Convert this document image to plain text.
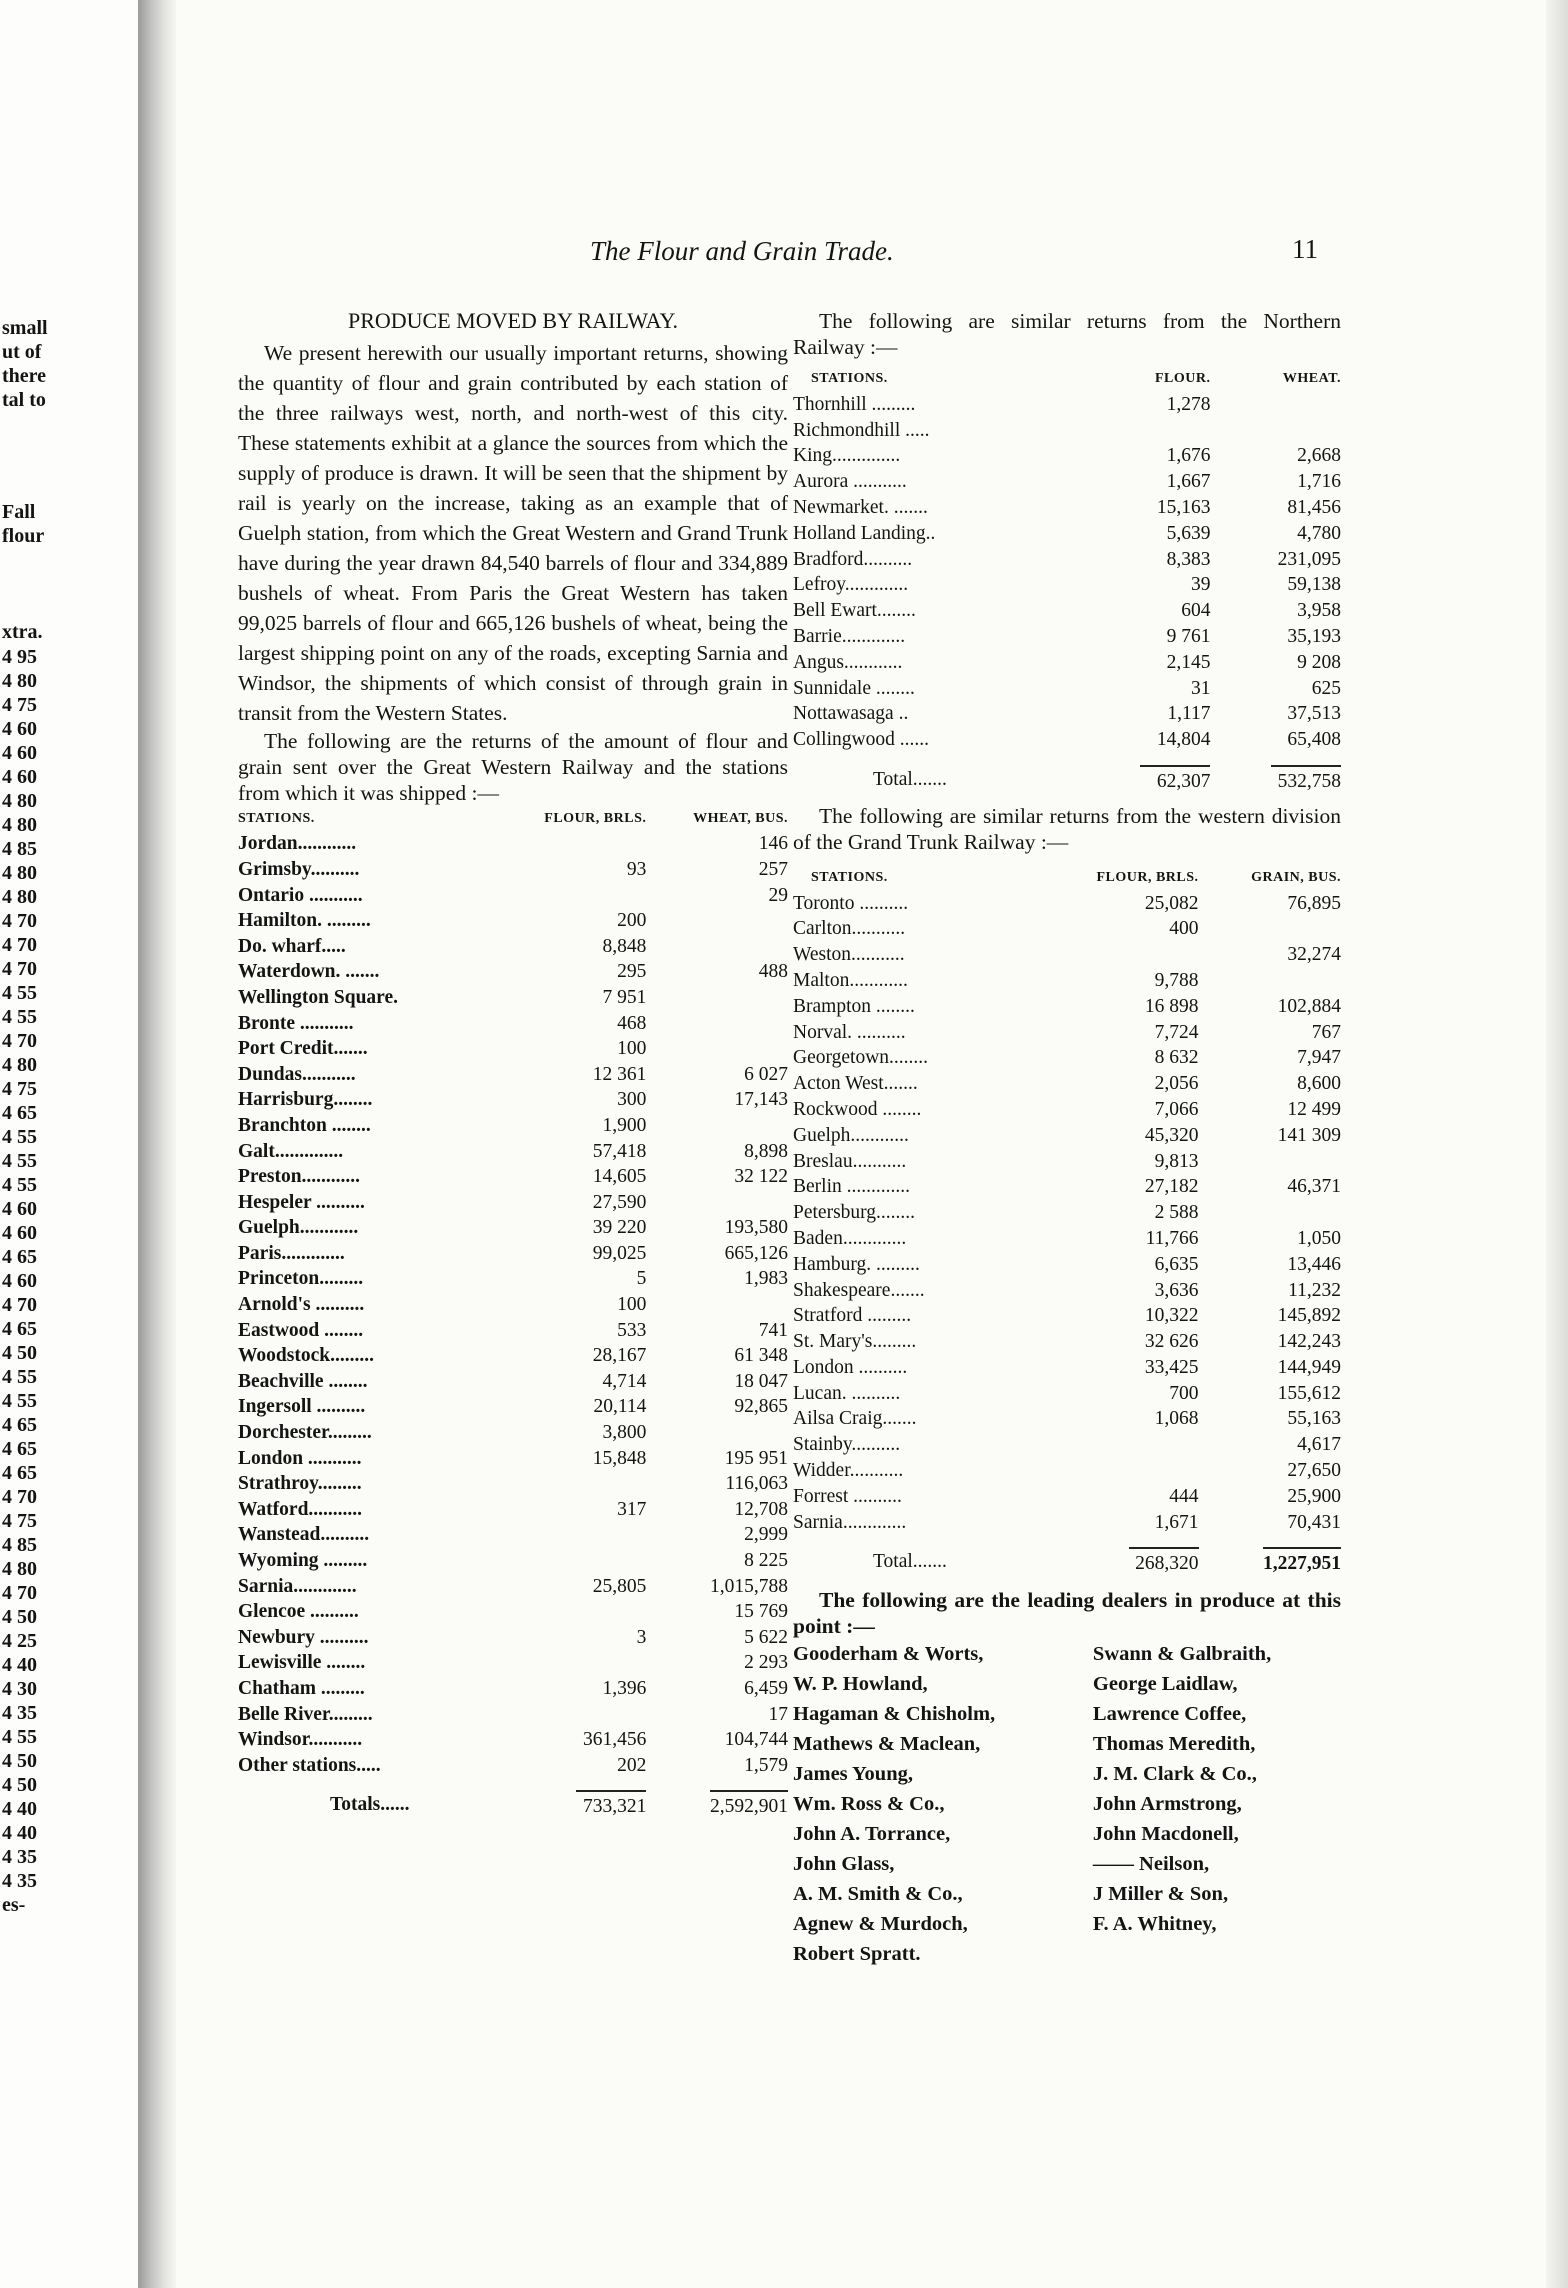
small
ut of
there
tal to
Fall
flour
xtra.
4 95
4 80
4 75
4 60
4 60
4 60
4 80
4 80
4 85
4 80
4 80
4 70
4 70
4 70
4 55
4 55
4 70
4 80
4 75
4 65
4 55
4 55
4 55
4 60
4 60
4 65
4 60
4 70
4 65
4 50
4 55
4 55
4 65
4 65
4 65
4 70
4 75
4 85
4 80
4 70
4 50
4 25
4 40
4 30
4 35
4 55
4 50
4 50
4 40
4 40
4 35
4 35
es-
The Flour and Grain Trade.	11
PRODUCE MOVED BY RAILWAY.

We present herewith our usually important returns, showing the quantity of flour and grain contributed by each station of the three railways west, north, and north-west of this city. These statements exhibit at a glance the sources from which the supply of produce is drawn. It will be seen that the shipment by rail is yearly on the increase, taking as an example that of Guelph station, from which the Great Western and Grand Trunk have during the year drawn 84,540 barrels of flour and 334,889 bushels of wheat. From Paris the Great Western has taken 99,025 barrels of flour and 665,126 bushels of wheat, being the largest shipping point on any of the roads, excepting Sarnia and Windsor, the shipments of which consist of through grain in transit from the Western States.

The following are the returns of the amount of flour and grain sent over the Great Western Railway and the stations from which it was shipped :—

STATIONS.	FLOUR, BRLS.	WHEAT, BUS.
Jordan............		146
Grimsby..........	93	257
Ontario ...........		29
Hamilton. .........	200	
Do. wharf.....	8,848	
Waterdown. .......	295	488
Wellington Square.	7 951	
Bronte ...........	468	
Port Credit.......	100	
Dundas...........	12 361	6 027
Harrisburg........	300	17,143
Branchton ........	1,900	
Galt..............	57,418	8,898
Preston............	14,605	32 122
Hespeler ..........	27,590	
Guelph............	39 220	193,580
Paris.............	99,025	665,126
Princeton.........	5	1,983
Arnold's ..........	100	
Eastwood ........	533	741
Woodstock.........	28,167	61 348
Beachville ........	4,714	18 047
Ingersoll ..........	20,114	92,865
Dorchester.........	3,800	
London ...........	15,848	195 951
Strathroy.........		116,063
Watford...........	317	12,708
Wanstead..........		2,999
Wyoming .........		8 225
Sarnia.............	25,805	1,015,788
Glencoe ..........		15 769
Newbury ..........	3	5 622
Lewisville ........		2 293
Chatham .........	1,396	6,459
Belle River.........		17
Windsor...........	361,456	104,744
Other stations.....	202	1,579
Totals......	733,321	2,592,901

The following are similar returns from the Northern Railway :—

STATIONS.	FLOUR.	WHEAT.
Thornhill .........	1,278	
Richmondhill .....		
King..............	1,676	2,668
Aurora ...........	1,667	1,716
Newmarket. .......	15,163	81,456
Holland Landing..	5,639	4,780
Bradford..........	8,383	231,095
Lefroy.............	39	59,138
Bell Ewart........	604	3,958
Barrie.............	9 761	35,193
Angus............	2,145	9 208
Sunnidale ........	31	625
Nottawasaga ..	1,117	37,513
Collingwood ......	14,804	65,408
Total.......	62,307	532,758

The following are similar returns from the western division of the Grand Trunk Railway :—

STATIONS.	FLOUR, BRLS.	GRAIN, BUS.
Toronto ..........	25,082	76,895
Carlton...........	400	
Weston...........		32,274
Malton............	9,788	
Brampton ........	16 898	102,884
Norval. ..........	7,724	767
Georgetown........	8 632	7,947
Acton West.......	2,056	8,600
Rockwood ........	7,066	12 499
Guelph............	45,320	141 309
Breslau...........	9,813	
Berlin .............	27,182	46,371
Petersburg........	2 588	
Baden.............	11,766	1,050
Hamburg. .........	6,635	13,446
Shakespeare.......	3,636	11,232
Stratford .........	10,322	145,892
St. Mary's.........	32 626	142,243
London ..........	33,425	144,949
Lucan. ..........	700	155,612
Ailsa Craig.......	1,068	55,163
Stainby..........		4,617
Widder...........		27,650
Forrest ..........	444	25,900
Sarnia.............	1,671	70,431
Total.......	268,320	1,227,951

The following are the leading dealers in produce at this point :—

Gooderham & Worts,	Swann & Galbraith,
W. P. Howland,	George Laidlaw,
Hagaman & Chisholm,	Lawrence Coffee,
Mathews & Maclean,	Thomas Meredith,
James Young,	J. M. Clark & Co.,
Wm. Ross & Co.,	John Armstrong,
John A. Torrance,	John Macdonell,
John Glass,	—— Neilson,
A. M. Smith & Co.,	J Miller & Son,
Agnew & Murdoch,	F. A. Whitney,
Robert Spratt.	
